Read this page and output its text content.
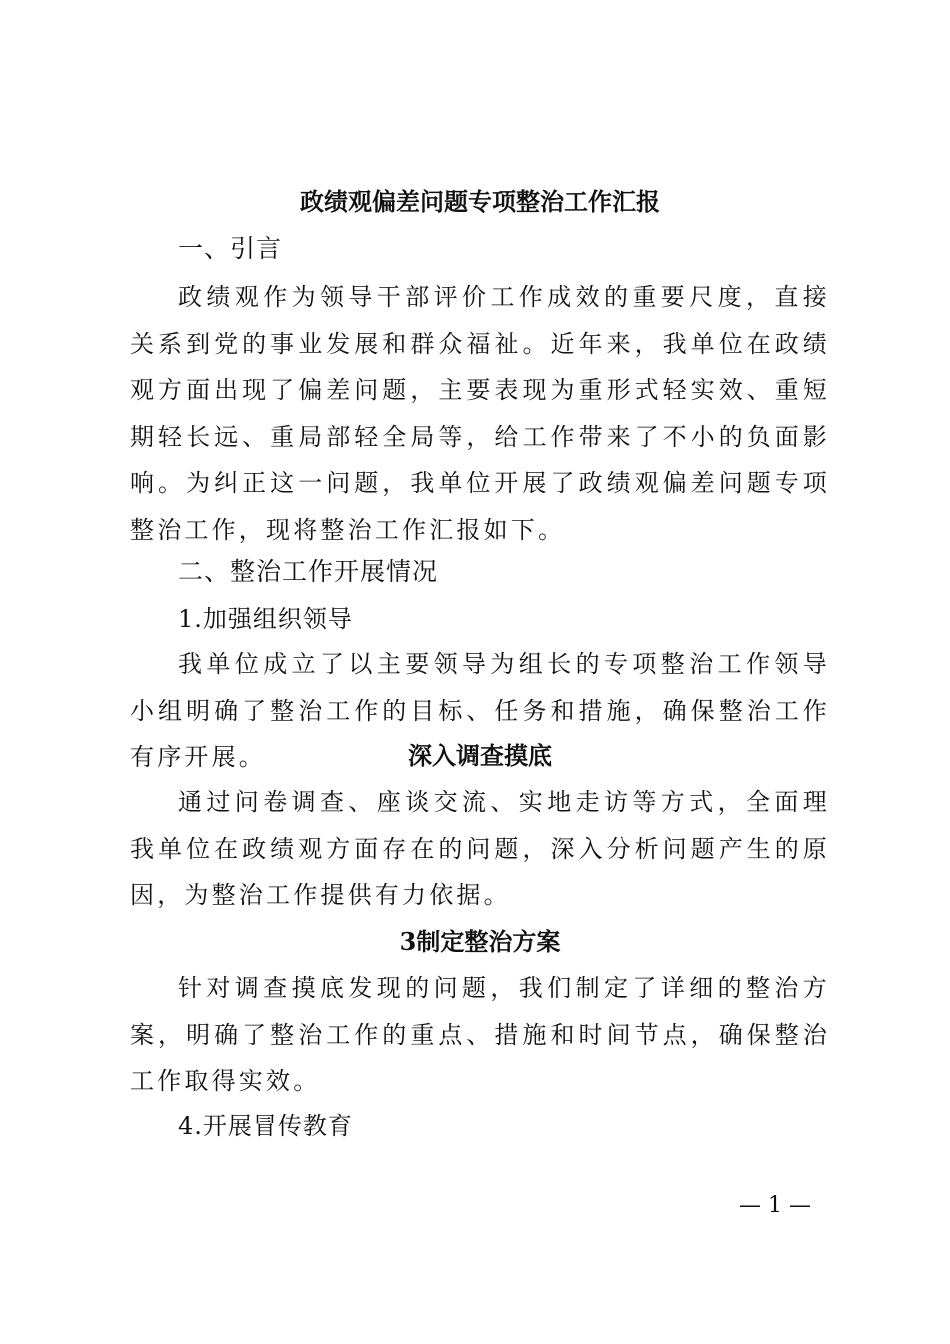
政绩观偏差问题专项整治工作汇报
一、引言

政绩观作为领导干部评价工作成效的重要尺度，直接关系到党的事业发展和群众福祉。近年来，我单位在政绩观方面出现了偏差问题，主要表现为重形式轻实效、重短期轻长远、重局部轻全局等，给工作带来了不小的负面影响。为纠正这一问题，我单位开展了政绩观偏差问题专项整治工作，现将整治工作汇报如下。

二、整治工作开展情况
1.加强组织领导

我单位成立了以主要领导为组长的专项整治工作领导小组明确了整治工作的目标、任务和措施，确保整治工作有序开展。	深入调查摸底

通过问卷调查、座谈交流、实地走访等方式，全面理我单位在政绩观方面存在的问题，深入分析问题产生的原因，为整治工作提供有力依据。

3制定整治方案

针对调查摸底发现的问题，我们制定了详细的整治方案，明确了整治工作的重点、措施和时间节点，确保整治工作取得实效。

4.开展冒传教育
— 1 —
